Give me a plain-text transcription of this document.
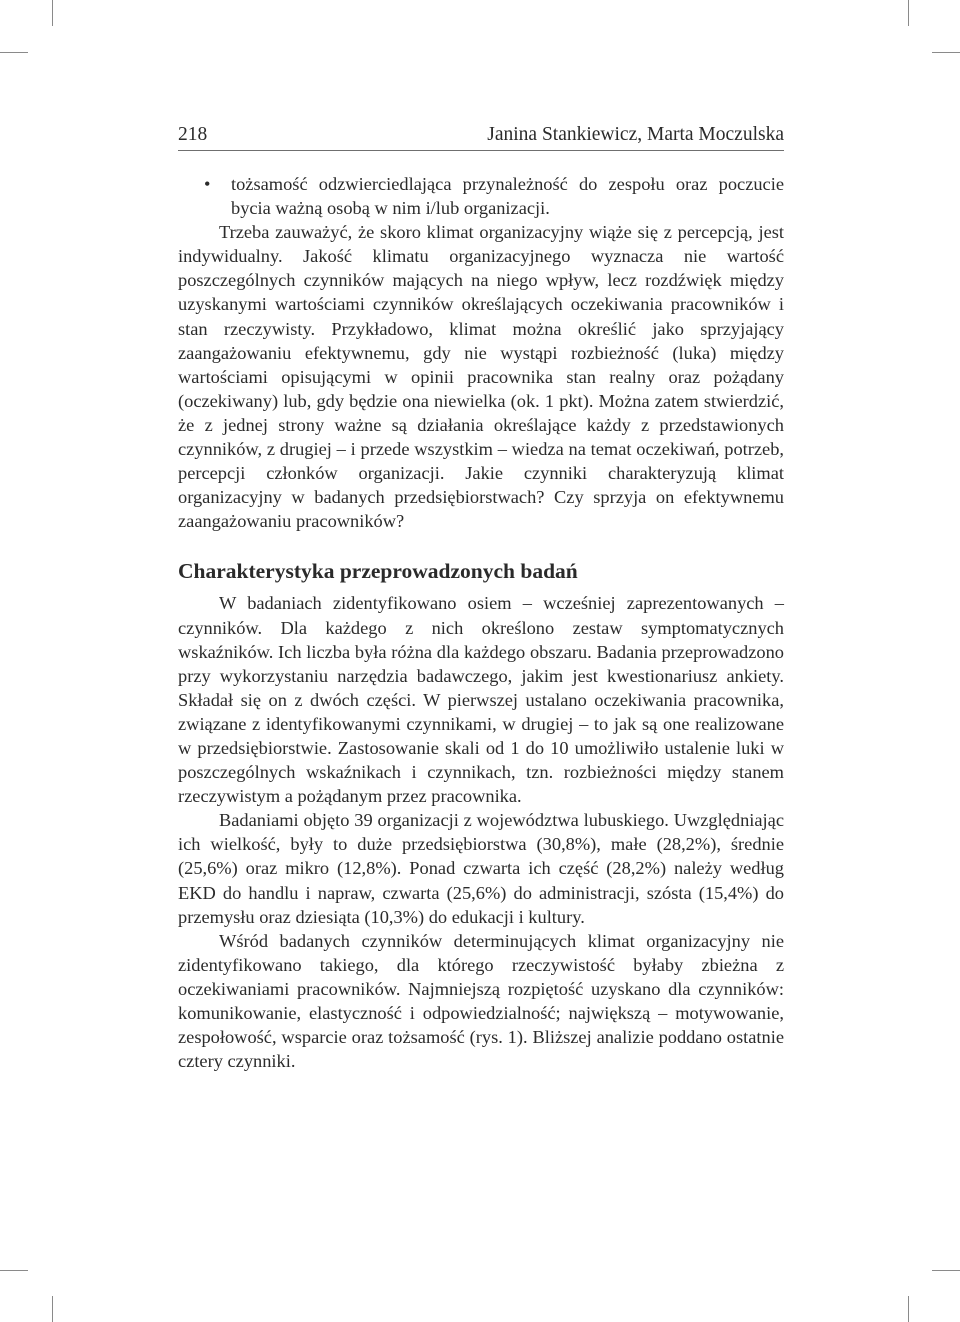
218	Janina Stankiewicz, Marta Moczulska

• tożsamość odzwierciedlająca przynależność do zespołu oraz poczucie bycia ważną osobą w nim i/lub organizacji.

Trzeba zauważyć, że skoro klimat organizacyjny wiąże się z percepcją, jest indywidualny. Jakość klimatu organizacyjnego wyznacza nie wartość poszczególnych czynników mających na niego wpływ, lecz rozdźwięk między uzyskanymi wartościami czynników określających oczekiwania pracowników i stan rzeczywisty. Przykładowo, klimat można określić jako sprzyjający zaangażowaniu efektywnemu, gdy nie wystąpi rozbieżność (luka) między wartościami opisującymi w opinii pracownika stan realny oraz pożądany (oczekiwany) lub, gdy będzie ona niewielka (ok. 1 pkt). Można zatem stwierdzić, że z jednej strony ważne są działania określające każdy z przedstawionych czynników, z drugiej – i przede wszystkim – wiedza na temat oczekiwań, potrzeb, percepcji członków organizacji. Jakie czynniki charakteryzują klimat organizacyjny w badanych przedsiębiorstwach? Czy sprzyja on efektywnemu zaangażowaniu pracowników?

Charakterystyka przeprowadzonych badań

W badaniach zidentyfikowano osiem – wcześniej zaprezentowanych – czynników. Dla każdego z nich określono zestaw symptomatycznych wskaźników. Ich liczba była różna dla każdego obszaru. Badania przeprowadzono przy wykorzystaniu narzędzia badawczego, jakim jest kwestionariusz ankiety. Składał się on z dwóch części. W pierwszej ustalano oczekiwania pracownika, związane z identyfikowanymi czynnikami, w drugiej – to jak są one realizowane w przedsiębiorstwie. Zastosowanie skali od 1 do 10 umożliwiło ustalenie luki w poszczególnych wskaźnikach i czynnikach, tzn. rozbieżności między stanem rzeczywistym a pożądanym przez pracownika.

Badaniami objęto 39 organizacji z województwa lubuskiego. Uwzględniając ich wielkość, były to duże przedsiębiorstwa (30,8%), małe (28,2%), średnie (25,6%) oraz mikro (12,8%). Ponad czwarta ich część (28,2%) należy według EKD do handlu i napraw, czwarta (25,6%) do administracji, szósta (15,4%) do przemysłu oraz dziesiąta (10,3%) do edukacji i kultury.

Wśród badanych czynników determinujących klimat organizacyjny nie zidentyfikowano takiego, dla którego rzeczywistość byłaby zbieżna z oczekiwaniami pracowników. Najmniejszą rozpiętość uzyskano dla czynników: komunikowanie, elastyczność i odpowiedzialność; największą – motywowanie, zespołowość, wsparcie oraz tożsamość (rys. 1). Bliższej analizie poddano ostatnie cztery czynniki.
